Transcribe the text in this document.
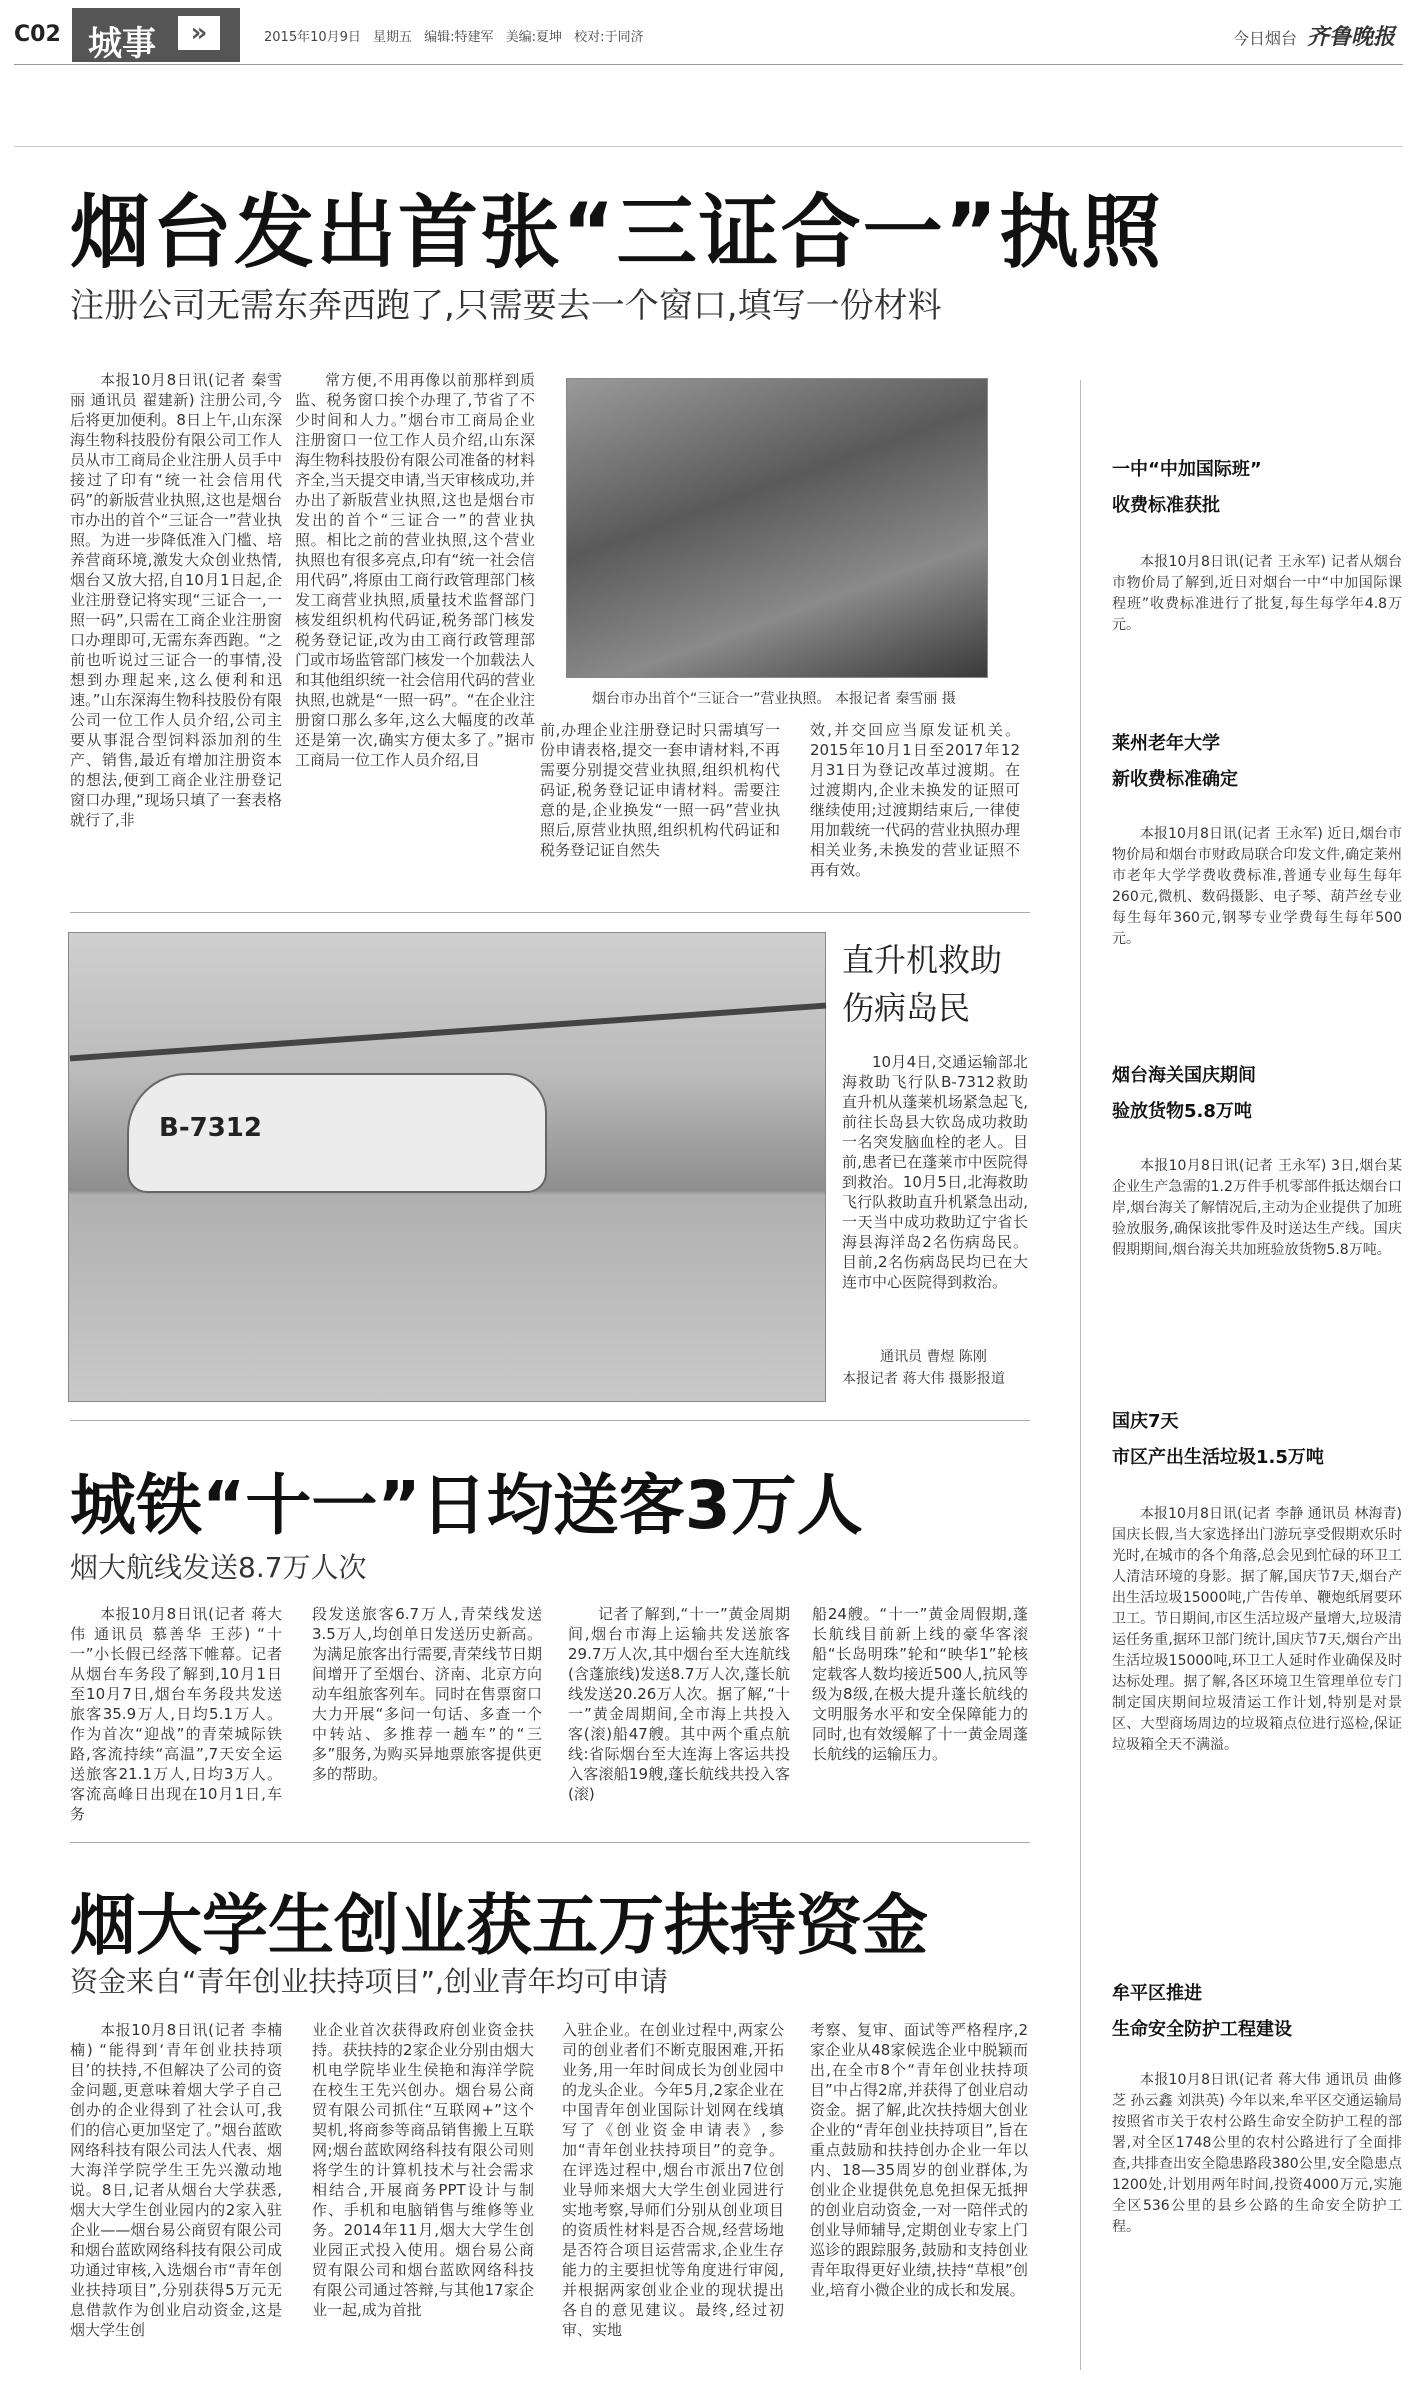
C02 城事	»	2015年10月9日 星期五 编辑:特建军 美编:夏坤 校对:于同济	今日烟台 齐鲁晚报
烟台发出首张“三证合一”执照
注册公司无需东奔西跑了,只需要去一个窗口,填写一份材料
本报10月8日讯(记者 秦雪丽 通讯员 翟建新) 注册公司,今后将更加便利。8日上午,山东深海生物科技股份有限公司工作人员从市工商局企业注册人员手中接过了印有“统一社会信用代码”的新版营业执照,这也是烟台市办出的首个“三证合一”营业执照。为进一步降低准入门槛、培养营商环境,激发大众创业热情,烟台又放大招,自10月1日起,企业注册登记将实现“三证合一,一照一码”,只需在工商企业注册窗口办理即可,无需东奔西跑。“之前也听说过三证合一的事情,没想到办理起来,这么便利和迅速。”山东深海生物科技股份有限公司一位工作人员介绍,公司主要从事混合型饲料添加剂的生产、销售,最近有增加注册资本的想法,便到工商企业注册登记窗口办理,“现场只填了一套表格就行了,非
常方便,不用再像以前那样到质监、税务窗口挨个办理了,节省了不少时间和人力。”烟台市工商局企业注册窗口一位工作人员介绍,山东深海生物科技股份有限公司准备的材料齐全,当天提交申请,当天审核成功,并办出了新版营业执照,这也是烟台市发出的首个“三证合一”的营业执照。相比之前的营业执照,这个营业执照也有很多亮点,印有“统一社会信用代码”,将原由工商行政管理部门核发工商营业执照,质量技术监督部门核发组织机构代码证,税务部门核发税务登记证,改为由工商行政管理部门或市场监管部门核发一个加载法人和其他组织统一社会信用代码的营业执照,也就是“一照一码”。“在企业注册窗口那么多年,这么大幅度的改革还是第一次,确实方便太多了。”据市工商局一位工作人员介绍,目
烟台市办出首个“三证合一”营业执照。 本报记者 秦雪丽 摄
前,办理企业注册登记时只需填写一份申请表格,提交一套申请材料,不再需要分别提交营业执照,组织机构代码证,税务登记证申请材料。需要注意的是,企业换发“一照一码”营业执照后,原营业执照,组织机构代码证和税务登记证自然失
效,并交回应当原发证机关。2015年10月1日至2017年12月31日为登记改革过渡期。在过渡期内,企业未换发的证照可继续使用;过渡期结束后,一律使用加载统一代码的营业执照办理相关业务,未换发的营业证照不再有效。
B-7312
直升机救助
伤病岛民
10月4日,交通运输部北海救助飞行队B-7312救助直升机从蓬莱机场紧急起飞,前往长岛县大钦岛成功救助一名突发脑血栓的老人。目前,患者已在蓬莱市中医院得到救治。10月5日,北海救助飞行队救助直升机紧急出动,一天当中成功救助辽宁省长海县海洋岛2名伤病岛民。目前,2名伤病岛民均已在大连市中心医院得到救治。
通讯员 曹煜 陈刚
本报记者 蒋大伟 摄影报道
城铁“十一”日均送客3万人
烟大航线发送8.7万人次
本报10月8日讯(记者 蒋大伟 通讯员 慕善华 王莎) “十一”小长假已经落下帷幕。记者从烟台车务段了解到,10月1日至10月7日,烟台车务段共发送旅客35.9万人,日均5.1万人。作为首次“迎战”的青荣城际铁路,客流持续“高温”,7天安全运送旅客21.1万人,日均3万人。客流高峰日出现在10月1日,车务
段发送旅客6.7万人,青荣线发送3.5万人,均创单日发送历史新高。为满足旅客出行需要,青荣线节日期间增开了至烟台、济南、北京方向动车组旅客列车。同时在售票窗口大力开展“多问一句话、多查一个中转站、多推荐一趟车”的“三多”服务,为购买异地票旅客提供更多的帮助。
记者了解到,“十一”黄金周期间,烟台市海上运输共发送旅客29.7万人次,其中烟台至大连航线(含蓬旅线)发送8.7万人次,蓬长航线发送20.26万人次。据了解,“十一”黄金周期间,全市海上共投入客(滚)船47艘。其中两个重点航线:省际烟台至大连海上客运共投入客滚船19艘,蓬长航线共投入客(滚)
船24艘。“十一”黄金周假期,蓬长航线目前新上线的豪华客滚船“长岛明珠”轮和“映华1”轮核定载客人数均接近500人,抗风等级为8级,在极大提升蓬长航线的文明服务水平和安全保障能力的同时,也有效缓解了十一黄金周蓬长航线的运输压力。
烟大学生创业获五万扶持资金
资金来自“青年创业扶持项目”,创业青年均可申请
本报10月8日讯(记者 李楠楠) “能得到‘青年创业扶持项目’的扶持,不但解决了公司的资金问题,更意味着烟大学子自己创办的企业得到了社会认可,我们的信心更加坚定了。”烟台蓝欧网络科技有限公司法人代表、烟大海洋学院学生王先兴激动地说。8日,记者从烟台大学获悉,烟大大学生创业园内的2家入驻企业——烟台易公商贸有限公司和烟台蓝欧网络科技有限公司成功通过审核,入选烟台市“青年创业扶持项目”,分别获得5万元无息借款作为创业启动资金,这是烟大学生创
业企业首次获得政府创业资金扶持。获扶持的2家企业分别由烟大机电学院毕业生侯艳和海洋学院在校生王先兴创办。烟台易公商贸有限公司抓住“互联网+”这个契机,将商参等商品销售搬上互联网;烟台蓝欧网络科技有限公司则将学生的计算机技术与社会需求相结合,开展商务PPT设计与制作、手机和电脑销售与维修等业务。2014年11月,烟大大学生创业园正式投入使用。烟台易公商贸有限公司和烟台蓝欧网络科技有限公司通过答辩,与其他17家企业一起,成为首批
入驻企业。在创业过程中,两家公司的创业者们不断克服困难,开拓业务,用一年时间成长为创业园中的龙头企业。今年5月,2家企业在中国青年创业国际计划网在线填写了《创业资金申请表》,参加“青年创业扶持项目”的竞争。在评选过程中,烟台市派出7位创业导师来烟大大学生创业园进行实地考察,导师们分别从创业项目的资质性材料是否合规,经营场地是否符合项目运营需求,企业生存能力的主要担忧等角度进行审阅,并根据两家创业企业的现状提出各自的意见建议。最终,经过初审、实地
考察、复审、面试等严格程序,2家企业从48家候选企业中脱颖而出,在全市8个“青年创业扶持项目”中占得2席,并获得了创业启动资金。据了解,此次扶持烟大创业企业的“青年创业扶持项目”,旨在重点鼓励和扶持创办企业一年以内、18—35周岁的创业群体,为创业企业提供免息免担保无抵押的创业启动资金,一对一陪伴式的创业导师辅导,定期创业专家上门巡诊的跟踪服务,鼓励和支持创业青年取得更好业绩,扶持“草根”创业,培育小微企业的成长和发展。
一中“中加国际班”
收费标准获批
本报10月8日讯(记者 王永军) 记者从烟台市物价局了解到,近日对烟台一中“中加国际课程班”收费标准进行了批复,每生每学年4.8万元。
莱州老年大学
新收费标准确定
本报10月8日讯(记者 王永军) 近日,烟台市物价局和烟台市财政局联合印发文件,确定莱州市老年大学学费收费标准,普通专业每生每年260元,微机、数码摄影、电子琴、葫芦丝专业每生每年360元,钢琴专业学费每生每年500元。
烟台海关国庆期间
验放货物5.8万吨
本报10月8日讯(记者 王永军) 3日,烟台某企业生产急需的1.2万件手机零部件抵达烟台口岸,烟台海关了解情况后,主动为企业提供了加班验放服务,确保该批零件及时送达生产线。国庆假期期间,烟台海关共加班验放货物5.8万吨。
国庆7天
市区产出生活垃圾1.5万吨
本报10月8日讯(记者 李静 通讯员 林海青) 国庆长假,当大家选择出门游玩享受假期欢乐时光时,在城市的各个角落,总会见到忙碌的环卫工人清洁环境的身影。据了解,国庆节7天,烟台产出生活垃圾15000吨,广告传单、鞭炮纸屑要环卫工。节日期间,市区生活垃圾产量增大,垃圾清运任务重,据环卫部门统计,国庆节7天,烟台产出生活垃圾15000吨,环卫工人延时作业确保及时达标处理。据了解,各区环境卫生管理单位专门制定国庆期间垃圾清运工作计划,特别是对景区、大型商场周边的垃圾箱点位进行巡检,保证垃圾箱全天不满溢。
牟平区推进
生命安全防护工程建设
本报10月8日讯(记者 蒋大伟 通讯员 曲修芝 孙云鑫 刘洪英) 今年以来,牟平区交通运输局按照省市关于农村公路生命安全防护工程的部署,对全区1748公里的农村公路进行了全面排查,共排查出安全隐患路段380公里,安全隐患点1200处,计划用两年时间,投资4000万元,实施全区536公里的县乡公路的生命安全防护工程。
